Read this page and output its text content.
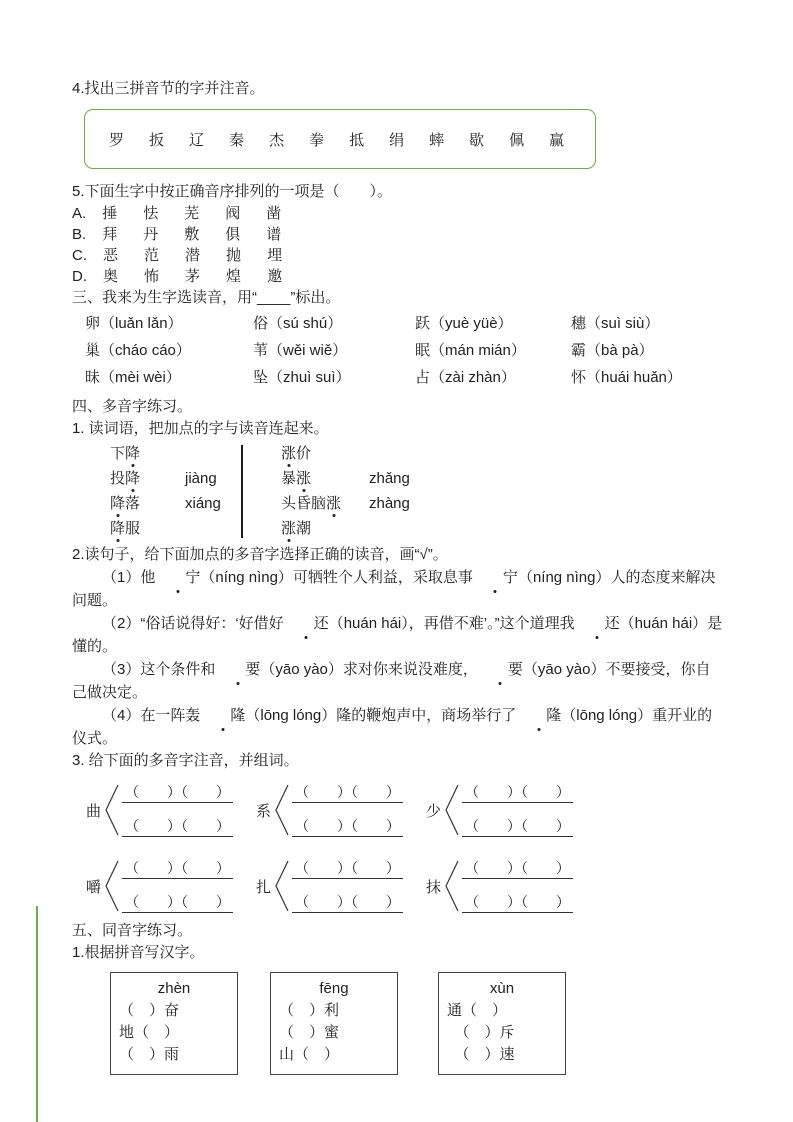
4.找出三拼音节的字并注音。
罗 扳 辽 秦 杰 拳 抵 绢 蟀 歇 佩 赢
5.下面生字中按正确音序排列的一项是（　　）。
A. 捶 怯 芜 阀 凿
B. 拜 丹 敷 俱 谱
C. 恶 范 潜 抛 埋
D. 奥 怖 茅 煌 邀
三、我来为生字选读音，用“____”标出。
卵（luǎn lǎn）	俗（sú shú）	跃（yuè yüè）	穗（suì siù）
巢（cháo cáo）	苇（wěi wiě）	眠（mán mián）	霸（bà pà）
昧（mèi wèi）	坠（zhuì suì）	占（zài zhàn）	怀（huái huǎn）
四、多音字练习。
1. 读词语，把加点的字与读音连起来。
下降
投降	jiàng
降落	xiáng
降服
涨价
暴涨	zhǎng
头昏脑涨	zhàng
涨潮
2.读句子，给下面加点的多音字选择正确的读音，画“√”。

（1）他 宁（níng nìng）可牺牲个人利益，采取息事 宁（níng nìng）人的态度来解决问题。

（2）“俗话说得好：‘好借好 还（huán hái），再借不难’。”这个道理我 还（huán hái）是懂的。

（3）这个条件和 要（yāo yào）求对你来说没难度， 要（yāo yào）不要接受，你自己做决定。

（4）在一阵轰 隆（lōng lóng）隆的鞭炮声中，商场举行了 隆（lōng lóng）重开业的仪式。

3. 给下面的多音字注音，并组词。
曲
（　　）（　　）
（　　）（　　）
系
（　　）（　　）
（　　）（　　）
少
（　　）（　　）
（　　）（　　）
嚼
（　　）（　　）
（　　）（　　）
扎
（　　）（　　）
（　　）（　　）
抹
（　　）（　　）
（　　）（　　）
五、同音字练习。
1.根据拼音写汉字。
zhèn
（　）奋
地（　）
（　）雨
fēng
（　）利
（　）蜜
山（　）
xùn
通（　）
　（　）斥
　（　）速
